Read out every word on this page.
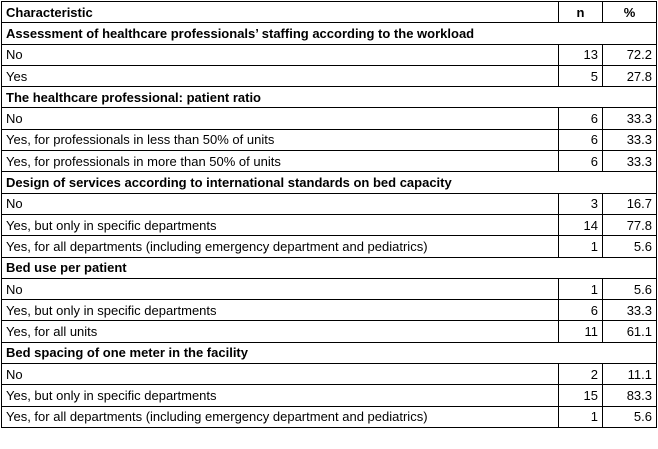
Characteristic	n	%
Assessment of healthcare professionals’ staffing according to the workload		
No	13	72.2
Yes	5	27.8
The healthcare professional: patient ratio		
No	6	33.3
Yes, for professionals in less than 50% of units	6	33.3
Yes, for professionals in more than 50% of units	6	33.3
Design of services according to international standards on bed capacity		
No	3	16.7
Yes, but only in specific departments	14	77.8
Yes, for all departments (including emergency department and pediatrics)	1	5.6
Bed use per patient		
No	1	5.6
Yes, but only in specific departments	6	33.3
Yes, for all units	11	61.1
Bed spacing of one meter in the facility		
No	2	11.1
Yes, but only in specific departments	15	83.3
Yes, for all departments (including emergency department and pediatrics)	1	5.6
